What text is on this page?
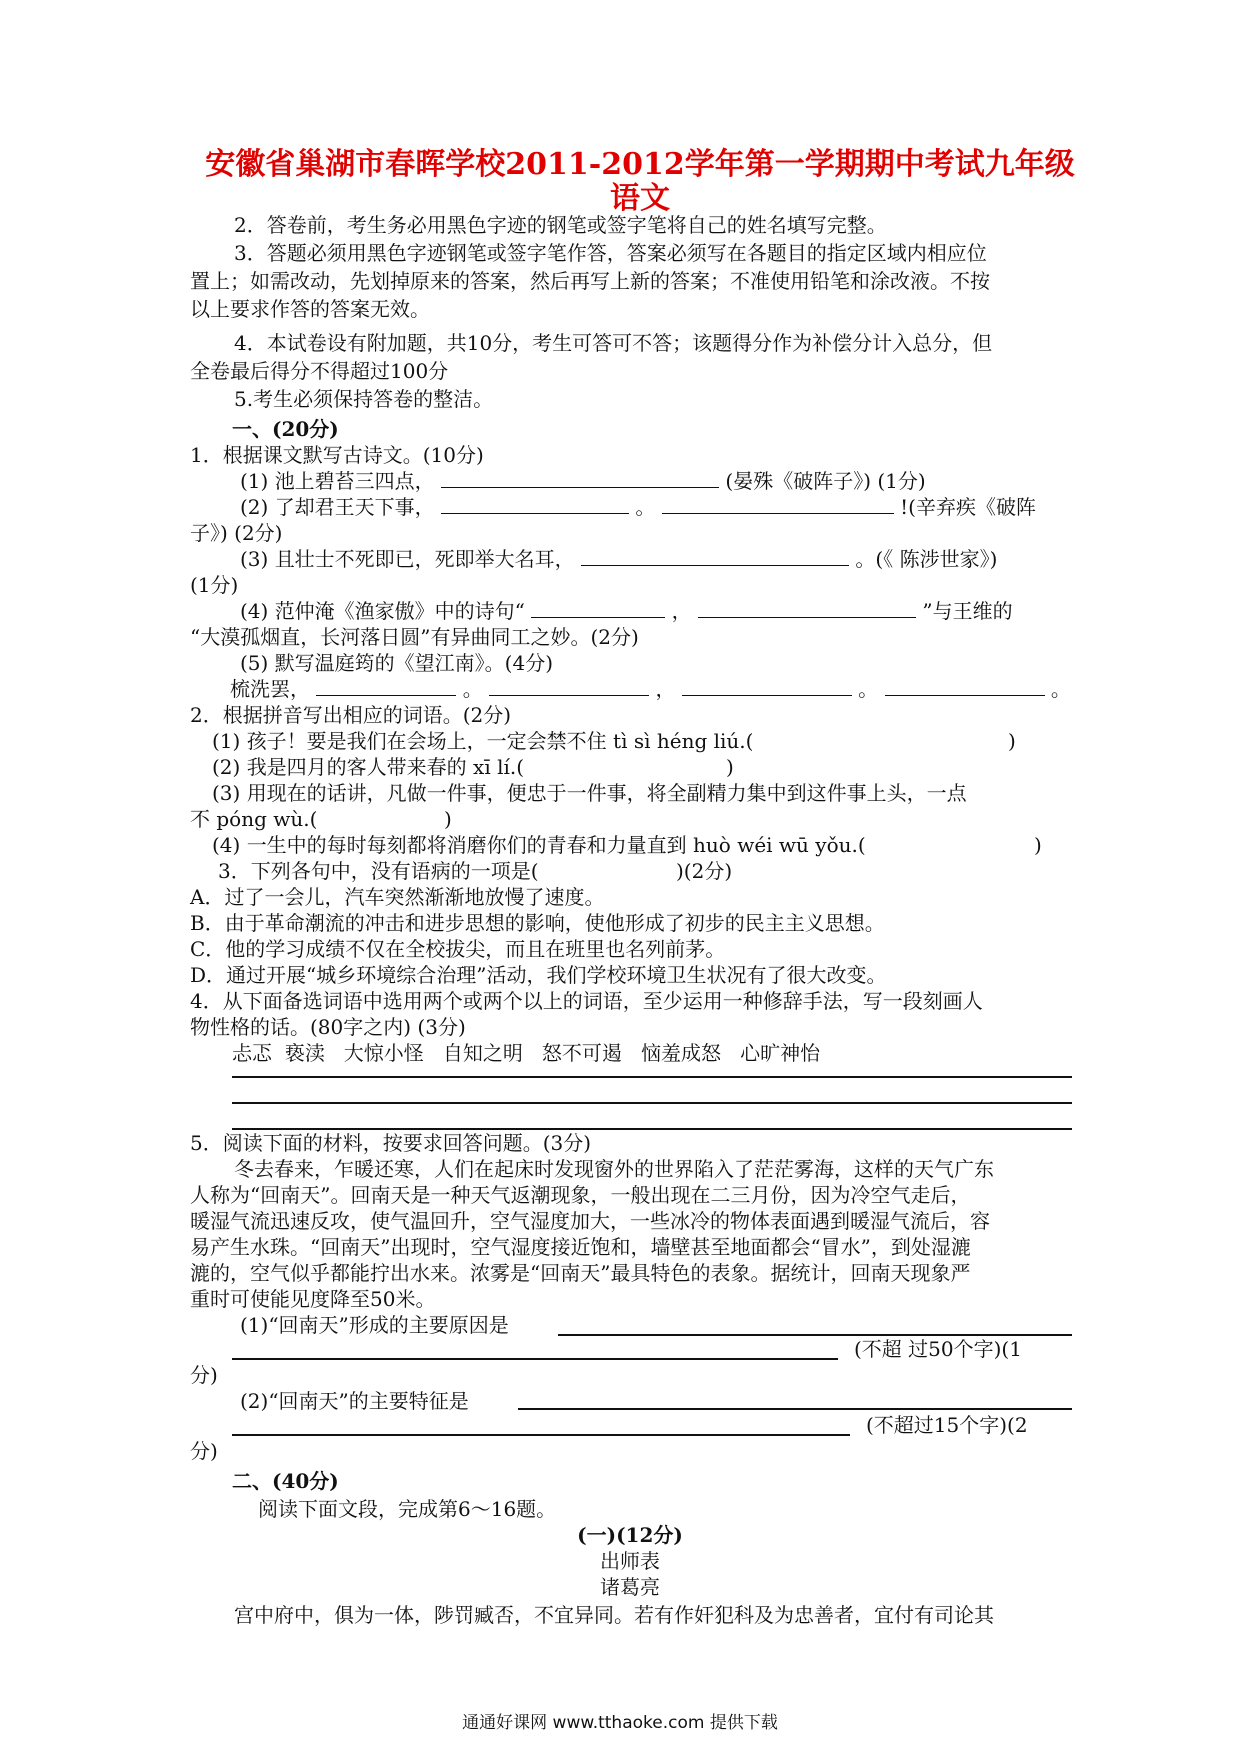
安徽省巢湖市春晖学校2011-2012学年第一学期期中考试九年级
语文
2．答卷前，考生务必用黑色字迹的钢笔或签字笔将自己的姓名填写完整。
3．答题必须用黑色字迹钢笔或签字笔作答，答案必须写在各题目的指定区域内相应位
置上；如需改动，先划掉原来的答案，然后再写上新的答案；不准使用铅笔和涂改液。不按
以上要求作答的答案无效。
4．本试卷设有附加题，共10分，考生可答可不答；该题得分作为补偿分计入总分，但
全卷最后得分不得超过100分
5.考生必须保持答卷的整洁。
一、(20分)
1．根据课文默写古诗文。(10分)
(1) 池上碧苔三四点，	(晏殊《破阵子》) (1分)
(2) 了却君王天下事，	。	!(辛弃疾《破阵
子》) (2分)
(3) 且壮士不死即已，死即举大名耳，	。(《 陈涉世家》)
(1分)
(4) 范仲淹《渔家傲》中的诗句“	，	”与王维的
“大漠孤烟直，长河落日圆”有异曲同工之妙。(2分)
(5) 默写温庭筠的《望江南》。(4分)
梳洗罢，	。	，	。	。
2．根据拼音写出相应的词语。(2分)
(1) 孩子！要是我们在会场上，一定会禁不住 tì sì héng liú.(	)
(2) 我是四月的客人带来春的 xī lí.(	)
(3) 用现在的话讲，凡做一件事，便忠于一件事，将全副精力集中到这件事上头，一点
不 póng wù.(	)
(4) 一生中的每时每刻都将消磨你们的青春和力量直到 huò wéi wū yǒu.(	)
3．下列各句中，没有语病的一项是(	)(2分)
A．过了一会儿，汽车突然渐渐地放慢了速度。
B．由于革命潮流的冲击和进步思想的影响，使他形成了初步的民主主义思想。
C．他的学习成绩不仅在全校拔尖，而且在班里也名列前茅。
D．通过开展“城乡环境综合治理”活动，我们学校环境卫生状况有了很大改变。
4．从下面备选词语中选用两个或两个以上的词语，至少运用一种修辞手法，写一段刻画人
物性格的话。(80字之内) (3分)
忐忑  亵渎   大惊小怪   自知之明   怒不可遏   恼羞成怒   心旷神怡
5．阅读下面的材料，按要求回答问题。(3分)
冬去春来，乍暖还寒，人们在起床时发现窗外的世界陷入了茫茫雾海，这样的天气广东
人称为“回南天”。回南天是一种天气返潮现象，一般出现在二三月份，因为冷空气走后，
暖湿气流迅速反攻，使气温回升，空气湿度加大，一些冰冷的物体表面遇到暖湿气流后，容
易产生水珠。“回南天”出现时，空气湿度接近饱和，墙壁甚至地面都会“冒水”，到处湿漉
漉的，空气似乎都能拧出水来。浓雾是“回南天”最具特色的表象。据统计，回南天现象严
重时可使能见度降至50米。
(1)“回南天”形成的主要原因是
(不超 过50个字)(1
分)
(2)“回南天”的主要特征是
(不超过15个字)(2
分)
二、(40分)
阅读下面文段，完成第6～16题。
(一)(12分)
出师表
诸葛亮
宫中府中，俱为一体，陟罚臧否，不宜异同。若有作奸犯科及为忠善者，宜付有司论其
通通好课网 www.tthaoke.com 提供下载
